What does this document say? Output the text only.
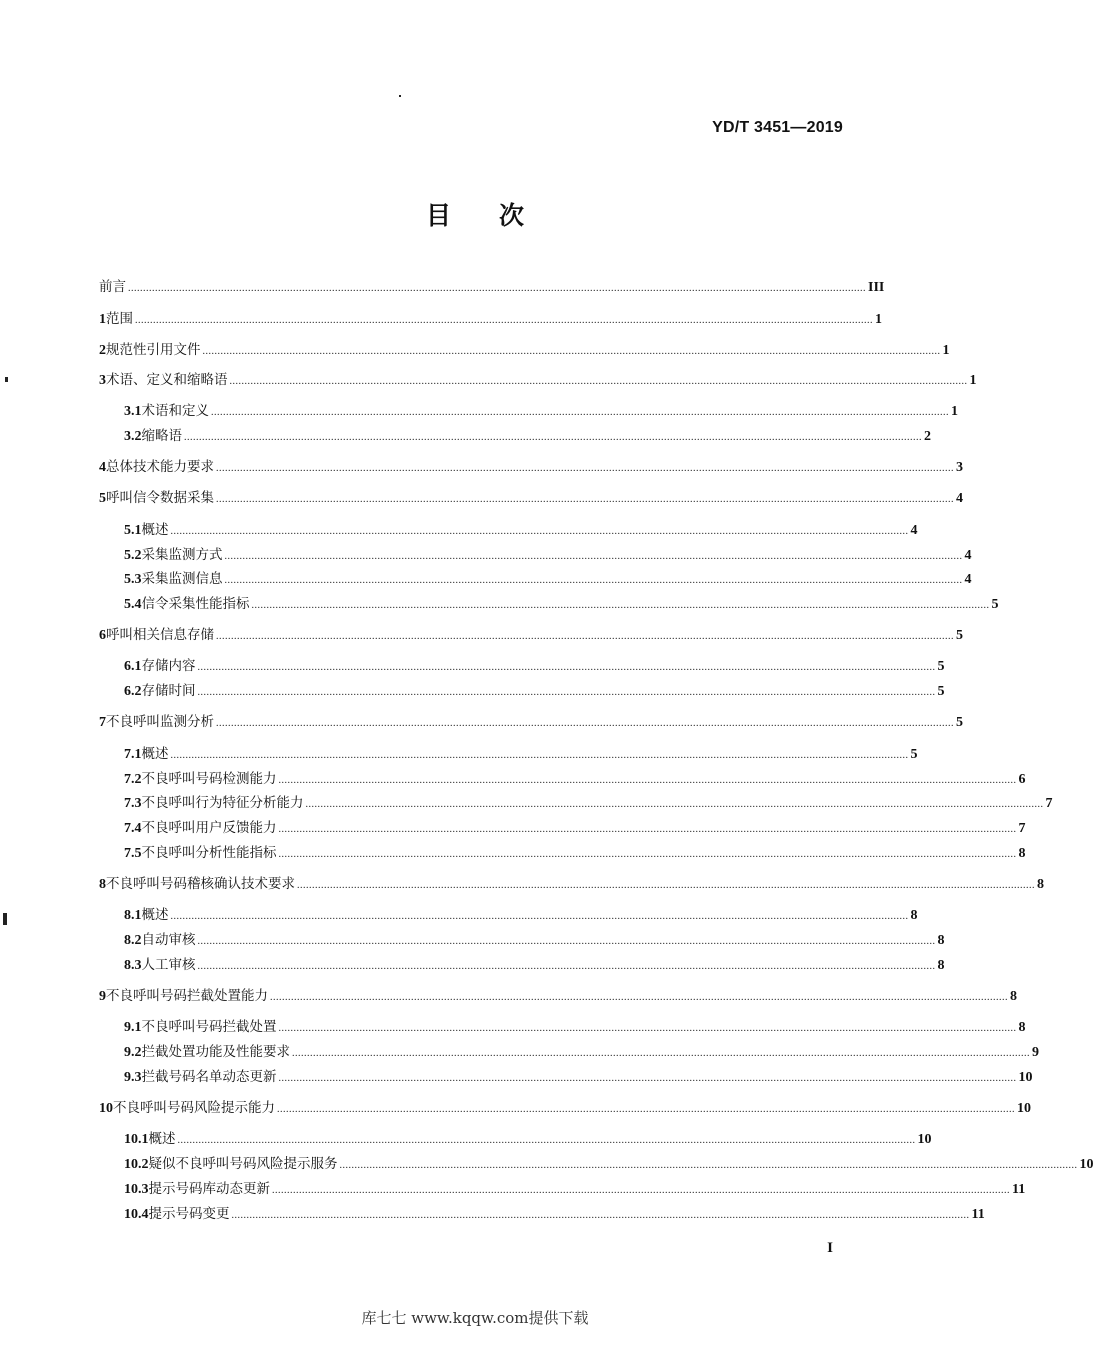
YD/T 3451—2019
目 次
前言 ...................................................................................................................................................................................................................................................... III
1 范围 ...................................................................................................................................................................................................................................................... 1
2 规范性引用文件 ...................................................................................................................................................................................................................................................... 1
3 术语、定义和缩略语 ...................................................................................................................................................................................................................................................... 1
3.1 术语和定义 ...................................................................................................................................................................................................................................................... 1
3.2 缩略语 ...................................................................................................................................................................................................................................................... 2
4 总体技术能力要求 ...................................................................................................................................................................................................................................................... 3
5 呼叫信令数据采集 ...................................................................................................................................................................................................................................................... 4
5.1 概述 ...................................................................................................................................................................................................................................................... 4
5.2 采集监测方式 ...................................................................................................................................................................................................................................................... 4
5.3 采集监测信息 ...................................................................................................................................................................................................................................................... 4
5.4 信令采集性能指标 ...................................................................................................................................................................................................................................................... 5
6 呼叫相关信息存储 ...................................................................................................................................................................................................................................................... 5
6.1 存储内容 ...................................................................................................................................................................................................................................................... 5
6.2 存储时间 ...................................................................................................................................................................................................................................................... 5
7 不良呼叫监测分析 ...................................................................................................................................................................................................................................................... 5
7.1 概述 ...................................................................................................................................................................................................................................................... 5
7.2 不良呼叫号码检测能力 ...................................................................................................................................................................................................................................................... 6
7.3 不良呼叫行为特征分析能力 ...................................................................................................................................................................................................................................................... 7
7.4 不良呼叫用户反馈能力 ...................................................................................................................................................................................................................................................... 7
7.5 不良呼叫分析性能指标 ...................................................................................................................................................................................................................................................... 8
8 不良呼叫号码稽核确认技术要求 ...................................................................................................................................................................................................................................................... 8
8.1 概述 ...................................................................................................................................................................................................................................................... 8
8.2 自动审核 ...................................................................................................................................................................................................................................................... 8
8.3 人工审核 ...................................................................................................................................................................................................................................................... 8
9 不良呼叫号码拦截处置能力 ...................................................................................................................................................................................................................................................... 8
9.1 不良呼叫号码拦截处置 ...................................................................................................................................................................................................................................................... 8
9.2 拦截处置功能及性能要求 ...................................................................................................................................................................................................................................................... 9
9.3 拦截号码名单动态更新 ...................................................................................................................................................................................................................................................... 10
10 不良呼叫号码风险提示能力 ...................................................................................................................................................................................................................................................... 10
10.1 概述 ...................................................................................................................................................................................................................................................... 10
10.2 疑似不良呼叫号码风险提示服务 ...................................................................................................................................................................................................................................................... 10
10.3 提示号码库动态更新 ...................................................................................................................................................................................................................................................... 11
10.4 提示号码变更 ...................................................................................................................................................................................................................................................... 11
I
库七七 www.kqqw.com提供下载
